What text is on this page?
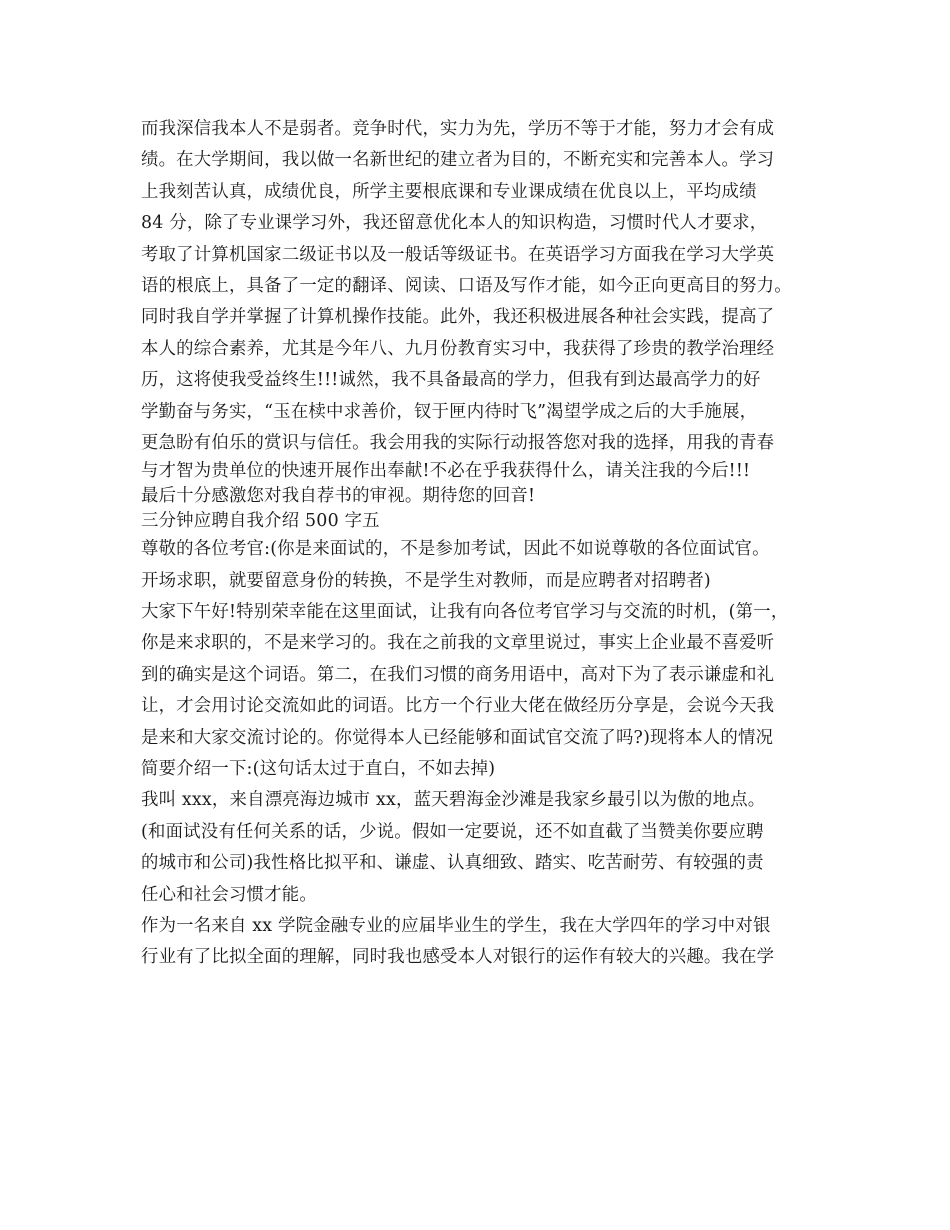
而我深信我本人不是弱者。竞争时代，实力为先，学历不等于才能，努力才会有成
绩。在大学期间，我以做一名新世纪的建立者为目的，不断充实和完善本人。学习
上我刻苦认真，成绩优良，所学主要根底课和专业课成绩在优良以上，平均成绩
84 分，除了专业课学习外，我还留意优化本人的知识构造，习惯时代人才要求，
考取了计算机国家二级证书以及一般话等级证书。在英语学习方面我在学习大学英
语的根底上，具备了一定的翻译、阅读、口语及写作才能，如今正向更高目的努力。
同时我自学并掌握了计算机操作技能。此外，我还积极进展各种社会实践，提高了
本人的综合素养，尤其是今年八、九月份教育实习中，我获得了珍贵的教学治理经
历，这将使我受益终生!!!诚然，我不具备最高的学力，但我有到达最高学力的好
学勤奋与务实，“玉在椟中求善价，钗于匣内待时飞”渴望学成之后的大手施展，
更急盼有伯乐的赏识与信任。我会用我的实际行动报答您对我的选择，用我的青春
与才智为贵单位的快速开展作出奉献!不必在乎我获得什么，请关注我的今后!!!
最后十分感激您对我自荐书的审视。期待您的回音!
三分钟应聘自我介绍 500 字五
尊敬的各位考官:(你是来面试的，不是参加考试，因此不如说尊敬的各位面试官。
开场求职，就要留意身份的转换，不是学生对教师，而是应聘者对招聘者)
大家下午好!特别荣幸能在这里面试，让我有向各位考官学习与交流的时机，(第一，
你是来求职的，不是来学习的。我在之前我的文章里说过，事实上企业最不喜爱听
到的确实是这个词语。第二，在我们习惯的商务用语中，高对下为了表示谦虚和礼
让，才会用讨论交流如此的词语。比方一个行业大佬在做经历分享是，会说今天我
是来和大家交流讨论的。你觉得本人已经能够和面试官交流了吗?)现将本人的情况
简要介绍一下:(这句话太过于直白，不如去掉)
我叫 xxx，来自漂亮海边城市 xx，蓝天碧海金沙滩是我家乡最引以为傲的地点。
(和面试没有任何关系的话，少说。假如一定要说，还不如直截了当赞美你要应聘
的城市和公司)我性格比拟平和、谦虚、认真细致、踏实、吃苦耐劳、有较强的责
任心和社会习惯才能。
作为一名来自 xx 学院金融专业的应届毕业生的学生，我在大学四年的学习中对银
行业有了比拟全面的理解，同时我也感受本人对银行的运作有较大的兴趣。我在学
